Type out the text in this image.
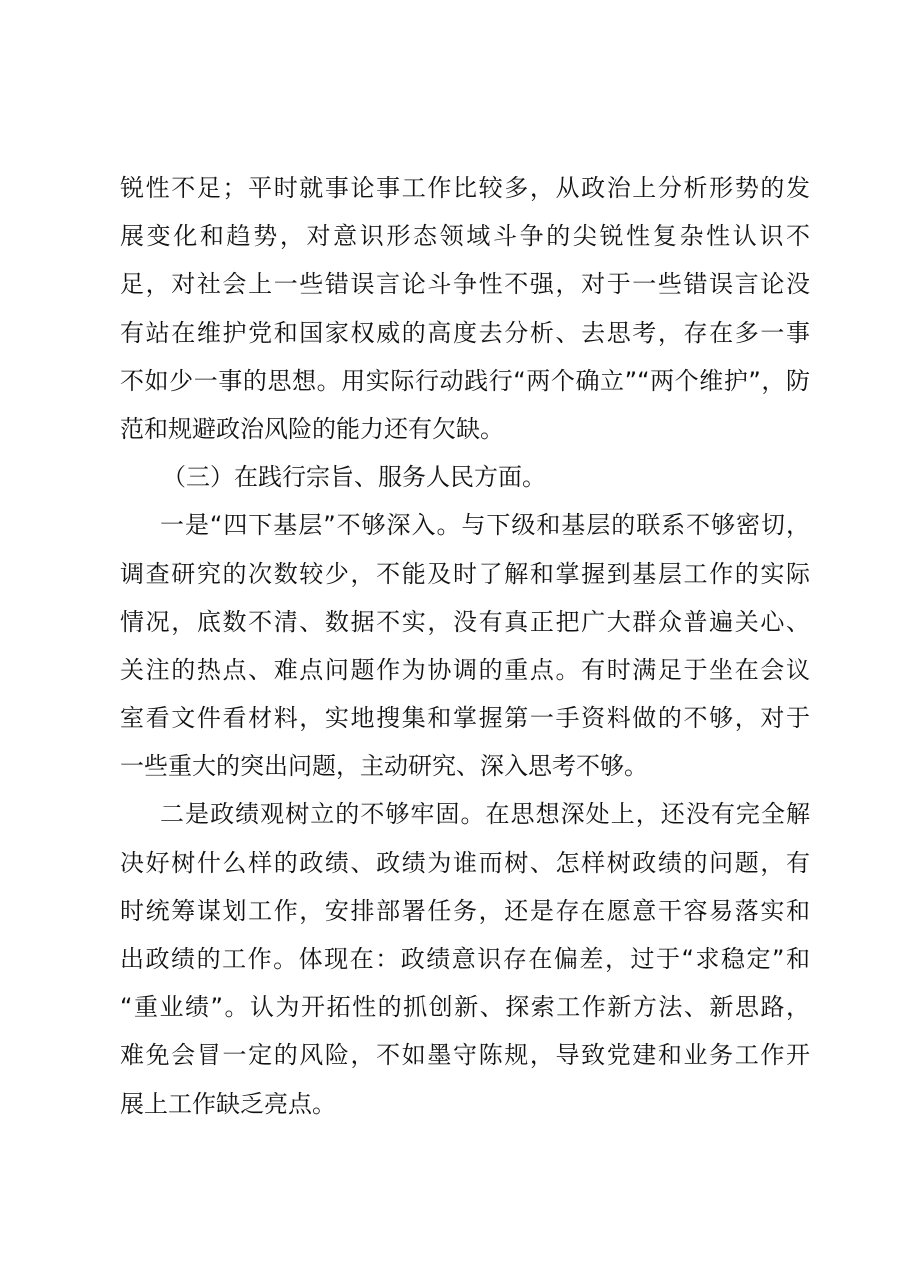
锐性不足；平时就事论事工作比较多，从政治上分析形势的发
展变化和趋势，对意识形态领域斗争的尖锐性复杂性认识不
足，对社会上一些错误言论斗争性不强，对于一些错误言论没
有站在维护党和国家权威的高度去分析、去思考，存在多一事
不如少一事的思想。用实际行动践行“两个确立”“两个维护”，防
范和规避政治风险的能力还有欠缺。
（三）在践行宗旨、服务人民方面。
一是“四下基层”不够深入。与下级和基层的联系不够密切，
调查研究的次数较少，不能及时了解和掌握到基层工作的实际
情况，底数不清、数据不实，没有真正把广大群众普遍关心、
关注的热点、难点问题作为协调的重点。有时满足于坐在会议
室看文件看材料，实地搜集和掌握第一手资料做的不够，对于
一些重大的突出问题，主动研究、深入思考不够。
二是政绩观树立的不够牢固。在思想深处上，还没有完全解
决好树什么样的政绩、政绩为谁而树、怎样树政绩的问题，有
时统筹谋划工作，安排部署任务，还是存在愿意干容易落实和
出政绩的工作。体现在：政绩意识存在偏差，过于“求稳定”和
“重业绩”。认为开拓性的抓创新、探索工作新方法、新思路，
难免会冒一定的风险，不如墨守陈规，导致党建和业务工作开
展上工作缺乏亮点。
